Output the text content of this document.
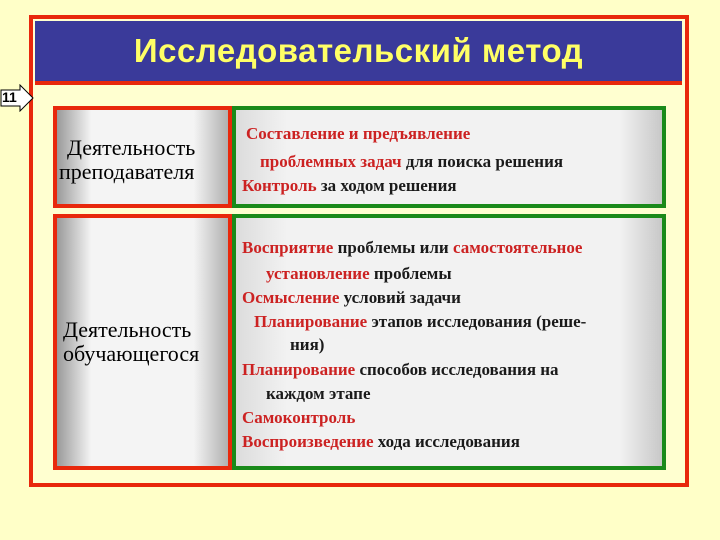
Исследовательский метод
11
Деятельность
преподавателя
Составление и предъявление
проблемных задач для поиска решения
Контроль за ходом решения
Деятельность
обучающегося
Восприятие проблемы или самостоятельное
установление проблемы
Осмысление условий задачи
Планирование этапов исследования (реше-
ния)
Планирование способов исследования на
каждом этапе
Самоконтроль
Воспроизведение хода исследования
